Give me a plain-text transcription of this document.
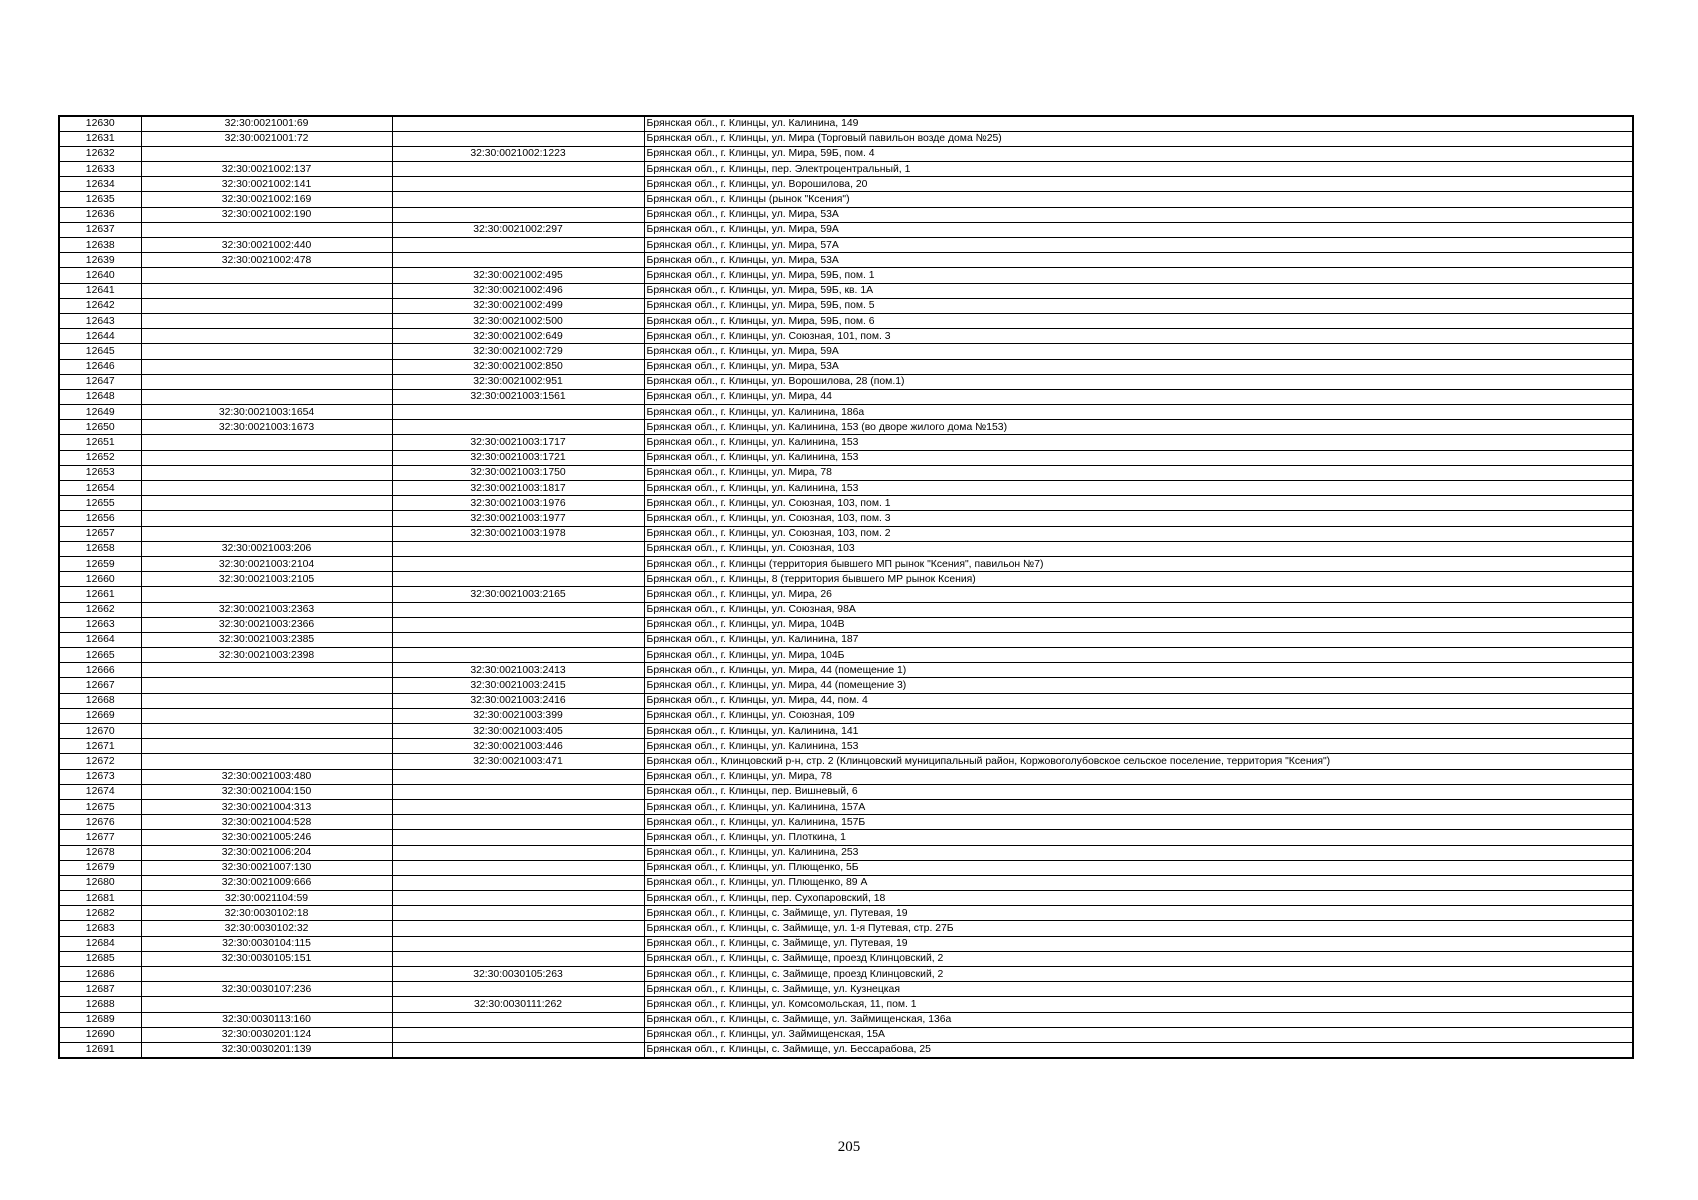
12630	32:30:0021001:69		Брянская обл., г. Клинцы, ул. Калинина, 149
12631	32:30:0021001:72		Брянская обл., г. Клинцы, ул. Мира (Торговый павильон возде дома №25)
12632		32:30:0021002:1223	Брянская обл., г. Клинцы, ул. Мира, 59Б, пом. 4
12633	32:30:0021002:137		Брянская обл., г. Клинцы, пер. Электроцентральный, 1
12634	32:30:0021002:141		Брянская обл., г. Клинцы, ул. Ворошилова, 20
12635	32:30:0021002:169		Брянская обл., г. Клинцы (рынок "Ксения")
12636	32:30:0021002:190		Брянская обл., г. Клинцы, ул. Мира, 53А
12637		32:30:0021002:297	Брянская обл., г. Клинцы, ул. Мира, 59А
12638	32:30:0021002:440		Брянская обл., г. Клинцы, ул. Мира, 57А
12639	32:30:0021002:478		Брянская обл., г. Клинцы, ул. Мира, 53А
12640		32:30:0021002:495	Брянская обл., г. Клинцы, ул. Мира, 59Б, пом. 1
12641		32:30:0021002:496	Брянская обл., г. Клинцы, ул. Мира, 59Б, кв. 1А
12642		32:30:0021002:499	Брянская обл., г. Клинцы, ул. Мира, 59Б, пом. 5
12643		32:30:0021002:500	Брянская обл., г. Клинцы, ул. Мира, 59Б, пом. 6
12644		32:30:0021002:649	Брянская обл., г. Клинцы, ул. Союзная, 101, пом. 3
12645		32:30:0021002:729	Брянская обл., г. Клинцы, ул. Мира, 59А
12646		32:30:0021002:850	Брянская обл., г. Клинцы, ул. Мира, 53А
12647		32:30:0021002:951	Брянская обл., г. Клинцы, ул. Ворошилова, 28 (пом.1)
12648		32:30:0021003:1561	Брянская обл., г. Клинцы, ул. Мира, 44
12649	32:30:0021003:1654		Брянская обл., г. Клинцы, ул. Калинина, 186а
12650	32:30:0021003:1673		Брянская обл., г. Клинцы, ул. Калинина, 153 (во дворе жилого дома №153)
12651		32:30:0021003:1717	Брянская обл., г. Клинцы, ул. Калинина, 153
12652		32:30:0021003:1721	Брянская обл., г. Клинцы, ул. Калинина, 153
12653		32:30:0021003:1750	Брянская обл., г. Клинцы, ул. Мира, 78
12654		32:30:0021003:1817	Брянская обл., г. Клинцы, ул. Калинина, 153
12655		32:30:0021003:1976	Брянская обл., г. Клинцы, ул. Союзная, 103, пом. 1
12656		32:30:0021003:1977	Брянская обл., г. Клинцы, ул. Союзная, 103, пом. 3
12657		32:30:0021003:1978	Брянская обл., г. Клинцы, ул. Союзная, 103, пом. 2
12658	32:30:0021003:206		Брянская обл., г. Клинцы, ул. Союзная, 103
12659	32:30:0021003:2104		Брянская обл., г. Клинцы (территория бывшего МП рынок "Ксения", павильон №7)
12660	32:30:0021003:2105		Брянская обл., г. Клинцы, 8 (территория бывшего МР рынок Ксения)
12661		32:30:0021003:2165	Брянская обл., г. Клинцы, ул. Мира, 26
12662	32:30:0021003:2363		Брянская обл., г. Клинцы, ул. Союзная, 98А
12663	32:30:0021003:2366		Брянская обл., г. Клинцы, ул. Мира, 104В
12664	32:30:0021003:2385		Брянская обл., г. Клинцы, ул. Калинина, 187
12665	32:30:0021003:2398		Брянская обл., г. Клинцы, ул. Мира, 104Б
12666		32:30:0021003:2413	Брянская обл., г. Клинцы, ул. Мира, 44 (помещение 1)
12667		32:30:0021003:2415	Брянская обл., г. Клинцы, ул. Мира, 44 (помещение 3)
12668		32:30:0021003:2416	Брянская обл., г. Клинцы, ул. Мира, 44, пом. 4
12669		32:30:0021003:399	Брянская обл., г. Клинцы, ул. Союзная, 109
12670		32:30:0021003:405	Брянская обл., г. Клинцы, ул. Калинина, 141
12671		32:30:0021003:446	Брянская обл., г. Клинцы, ул. Калинина, 153
12672		32:30:0021003:471	Брянская обл., Клинцовский р-н, стр. 2 (Клинцовский муниципальный район, Коржовоголубовское сельское поселение, территория "Ксения")
12673	32:30:0021003:480		Брянская обл., г. Клинцы, ул. Мира, 78
12674	32:30:0021004:150		Брянская обл., г. Клинцы, пер. Вишневый, 6
12675	32:30:0021004:313		Брянская обл., г. Клинцы, ул. Калинина, 157А
12676	32:30:0021004:528		Брянская обл., г. Клинцы, ул. Калинина, 157Б
12677	32:30:0021005:246		Брянская обл., г. Клинцы, ул. Плоткина, 1
12678	32:30:0021006:204		Брянская обл., г. Клинцы, ул. Калинина, 253
12679	32:30:0021007:130		Брянская обл., г. Клинцы, ул. Плющенко, 5Б
12680	32:30:0021009:666		Брянская обл., г. Клинцы, ул. Плющенко, 89 А
12681	32:30:0021104:59		Брянская обл., г. Клинцы, пер. Сухопаровский, 18
12682	32:30:0030102:18		Брянская обл., г. Клинцы, с. Займище, ул. Путевая, 19
12683	32:30:0030102:32		Брянская обл., г. Клинцы, с. Займище, ул. 1-я Путевая, стр. 27Б
12684	32:30:0030104:115		Брянская обл., г. Клинцы, с. Займище, ул. Путевая, 19
12685	32:30:0030105:151		Брянская обл., г. Клинцы, с. Займище, проезд Клинцовский, 2
12686		32:30:0030105:263	Брянская обл., г. Клинцы, с. Займище, проезд Клинцовский, 2
12687	32:30:0030107:236		Брянская обл., г. Клинцы, с. Займище, ул. Кузнецкая
12688		32:30:0030111:262	Брянская обл., г. Клинцы, ул. Комсомольская, 11, пом. 1
12689	32:30:0030113:160		Брянская обл., г. Клинцы, с. Займище, ул. Займищенская, 136а
12690	32:30:0030201:124		Брянская обл., г. Клинцы, ул. Займищенская, 15А
12691	32:30:0030201:139		Брянская обл., г. Клинцы, с. Займище, ул. Бессарабова, 25
205
